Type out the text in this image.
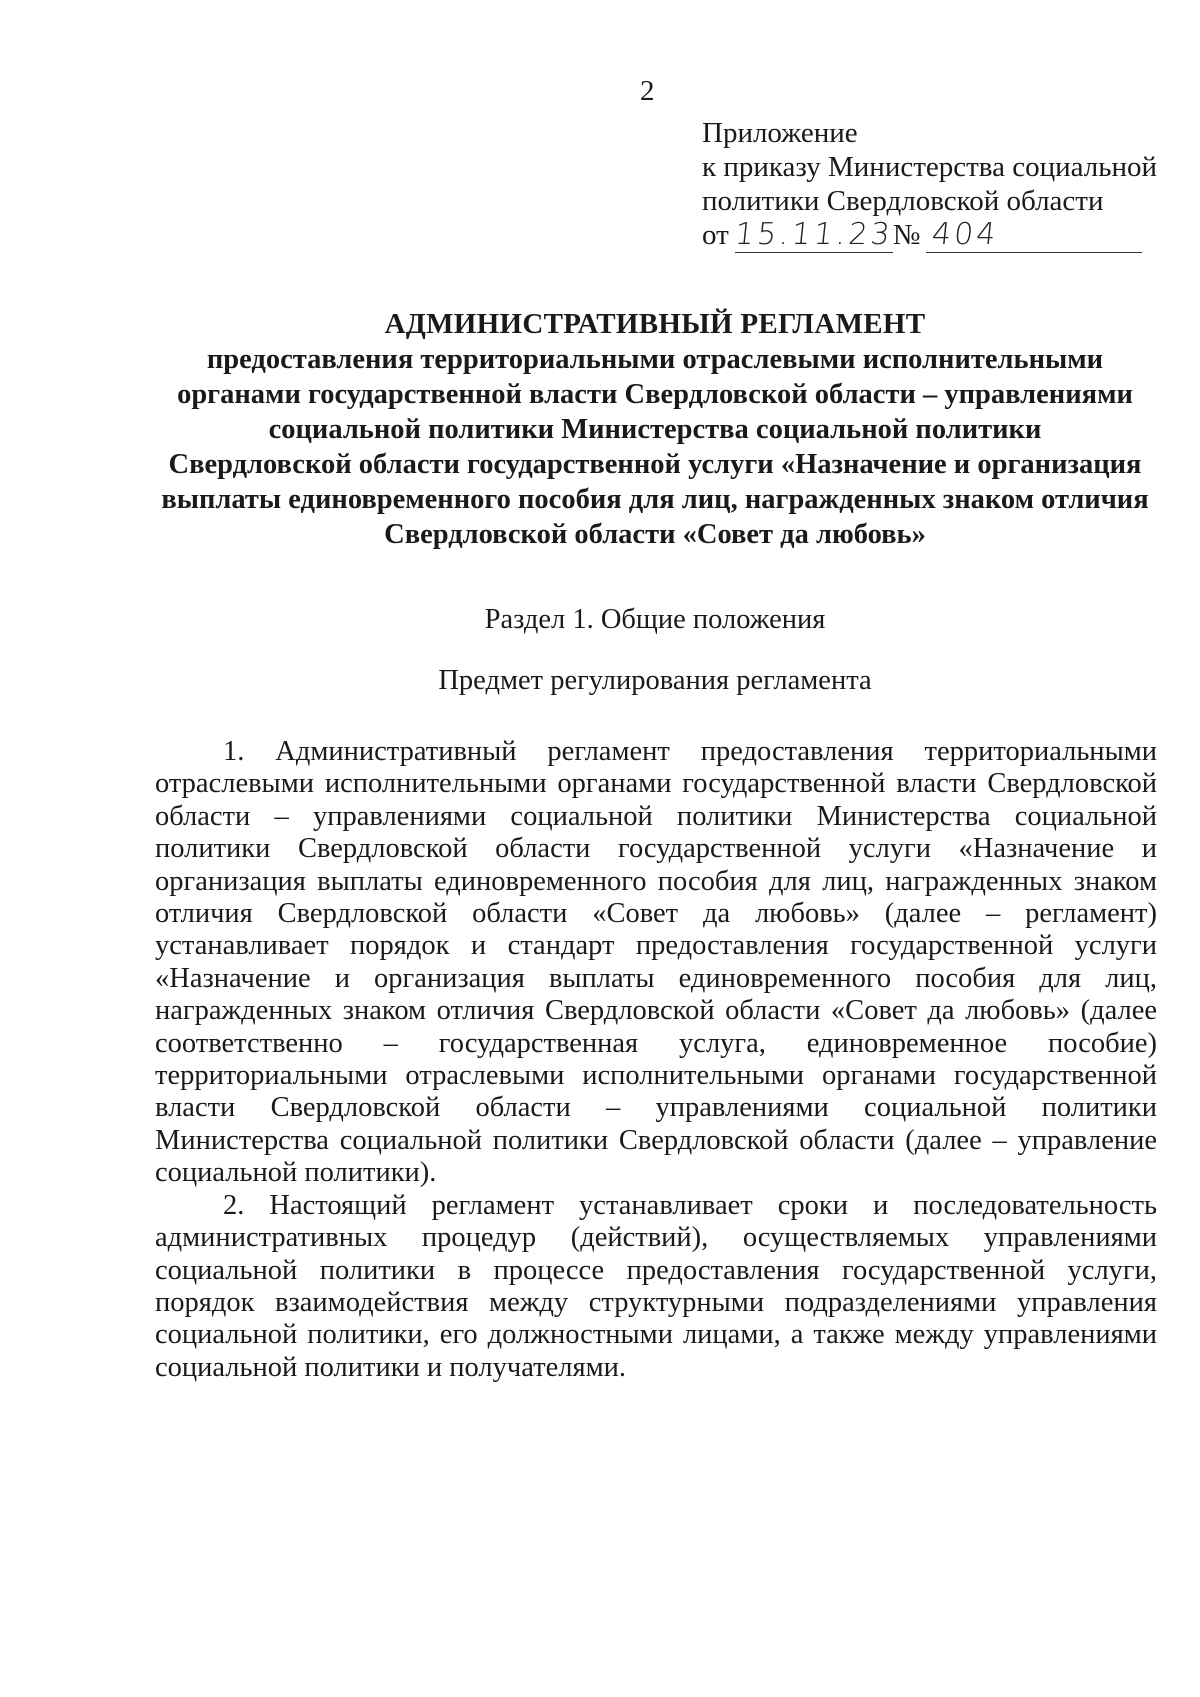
2
Приложение
к приказу Министерства социальной
политики Свердловской области
от 15.11.23№ 404
АДМИНИСТРАТИВНЫЙ РЕГЛАМЕНТ
предоставления территориальными отраслевыми исполнительными
органами государственной власти Свердловской области – управлениями
социальной политики Министерства социальной политики
Свердловской области государственной услуги «Назначение и организация
выплаты единовременного пособия для лиц, награжденных знаком отличия
Свердловской области «Совет да любовь»
Раздел 1. Общие положения
Предмет регулирования регламента

1. Административный регламент предоставления территориальными отраслевыми исполнительными органами государственной власти Свердловской области – управлениями социальной политики Министерства социальной политики Свердловской области государственной услуги «Назначение и организация выплаты единовременного пособия для лиц, награжденных знаком отличия Свердловской области «Совет да любовь» (далее – регламент) устанавливает порядок и стандарт предоставления государственной услуги «Назначение и организация выплаты единовременного пособия для лиц, награжденных знаком отличия Свердловской области «Совет да любовь» (далее соответственно – государственная услуга, единовременное пособие) территориальными отраслевыми исполнительными органами государственной власти Свердловской области – управлениями социальной политики Министерства социальной политики Свердловской области (далее – управление социальной политики).

2. Настоящий регламент устанавливает сроки и последовательность административных процедур (действий), осуществляемых управлениями социальной политики в процессе предоставления государственной услуги, порядок взаимодействия между структурными подразделениями управления социальной политики, его должностными лицами, а также между управлениями социальной политики и получателями.
